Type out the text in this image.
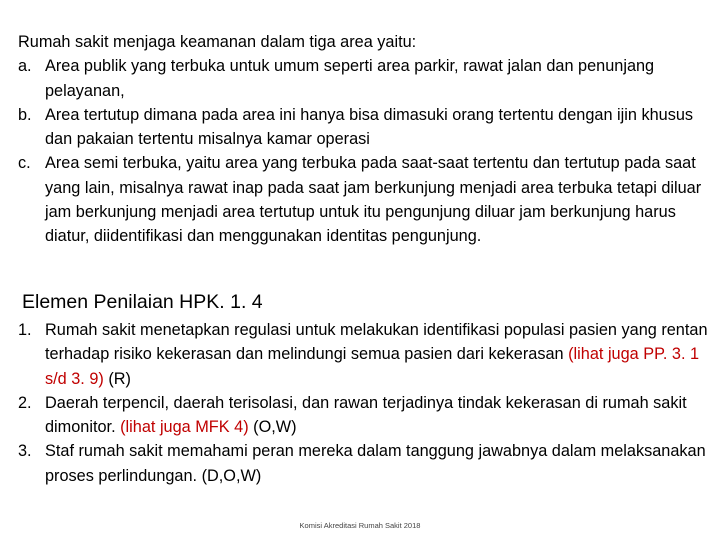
Rumah sakit menjaga keamanan dalam tiga area yaitu:
a. Area publik yang terbuka untuk umum seperti area parkir, rawat jalan dan penunjang pelayanan,
b. Area tertutup dimana pada area ini hanya bisa dimasuki orang tertentu dengan ijin khusus dan pakaian tertentu misalnya kamar operasi
c. Area semi terbuka, yaitu area yang terbuka pada saat-saat tertentu dan tertutup pada saat yang lain, misalnya rawat inap pada saat jam berkunjung menjadi area terbuka tetapi diluar jam berkunjung menjadi area tertutup untuk itu pengunjung diluar jam berkunjung harus diatur, diidentifikasi dan menggunakan identitas pengunjung.
Elemen Penilaian HPK. 1. 4
1. Rumah sakit menetapkan regulasi untuk melakukan identifikasi populasi pasien yang rentan terhadap risiko kekerasan dan melindungi semua pasien dari kekerasan (lihat juga PP. 3. 1 s/d 3. 9) (R)
2. Daerah terpencil, daerah terisolasi, dan rawan terjadinya tindak kekerasan di rumah sakit dimonitor. (lihat juga MFK 4) (O,W)
3. Staf rumah sakit memahami peran mereka dalam tanggung jawabnya dalam melaksanakan proses perlindungan. (D,O,W)
Komisi Akreditasi Rumah Sakit 2018
